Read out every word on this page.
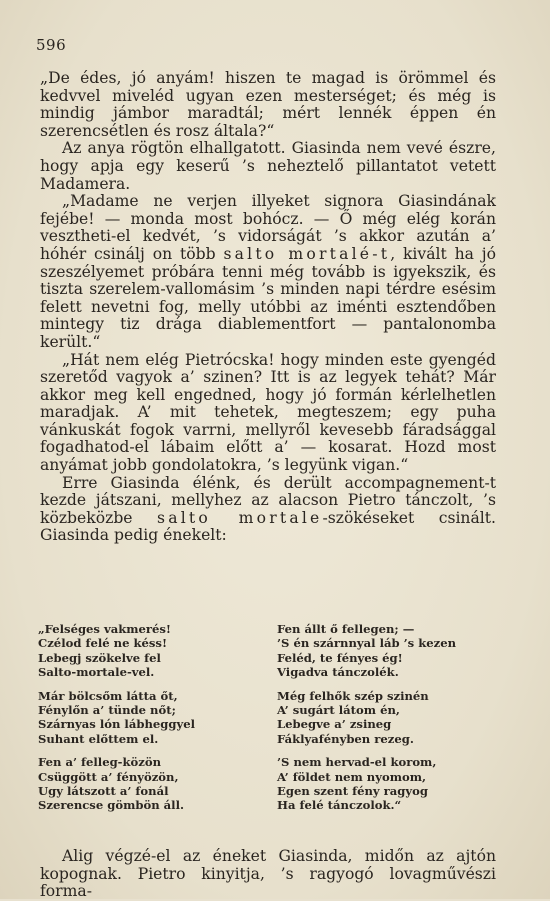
596

„De édes, jó anyám! hiszen te magad is örömmel és kedvvel miveléd ugyan ezen mesterséget; és még is mindig jámbor maradtál; mért lennék éppen én szerencsétlen és rosz általa?“

Az anya rögtön elhallgatott. Giasinda nem vevé észre, hogy apja egy keserű ’s neheztelő pillantatot vetett Madamera.

„Madame ne verjen illyeket signora Giasindának fejébe! — monda most bohócz. — Ő még elég korán vesztheti-el kedvét, ’s vidorságát ’s akkor azután a’ hóhér csinálj on több salto mortalé-t, kivált ha jó szeszélyemet próbára tenni még tovább is igyekszik, és tiszta szerelem-vallomásim ’s minden napi térdre esésim felett nevetni fog, melly utóbbi az iménti esztendőben mintegy tiz drága diablementfort — pantalonomba került.“

„Hát nem elég Pietrócska! hogy minden este gyengéd szeretőd vagyok a’ szinen? Itt is az legyek tehát? Már akkor meg kell engedned, hogy jó formán kérlelhetlen maradjak. A’ mit tehetek, megteszem; egy puha vánkuskát fogok varrni, mellyről kevesebb fáradsággal fogadhatod-el lábaim előtt a’ — kosarat. Hozd most anyámat jobb gondolatokra, ’s legyünk vigan.“

Erre Giasinda élénk, és derült accompagnement-t kezde játszani, mellyhez az alacson Pietro tánczolt, ’s közbeközbe salto mortale-szökéseket csinált. Giasinda pedig énekelt:

„Felséges vakmerés!
Czélod felé ne késs!
Lebegj szökelve fel
Salto-mortale-vel.
Már bölcsőm látta őt,
Fénylőn a’ tünde nőt;
Szárnyas lón lábheggyel
Suhant előttem el.
Fen a’ felleg-közön
Csüggött a’ fényözön,
Ugy látszott a’ fonál
Szerencse gömbön áll.
Fen állt ő fellegen; —
’S én szárnnyal láb ’s kezen
Feléd, te fényes ég!
Vigadva tánczolék.
Még felhők szép szinén
A’ sugárt látom én,
Lebegve a’ zsineg
Fáklyafényben rezeg.
’S nem hervad-el korom,
A’ földet nem nyomom,
Egen szent fény ragyog
Ha felé tánczolok.“

Alig végzé-el az éneket Giasinda, midőn az ajtón kopognak. Pietro kinyitja, ’s ragyogó lovagművészi forma-
